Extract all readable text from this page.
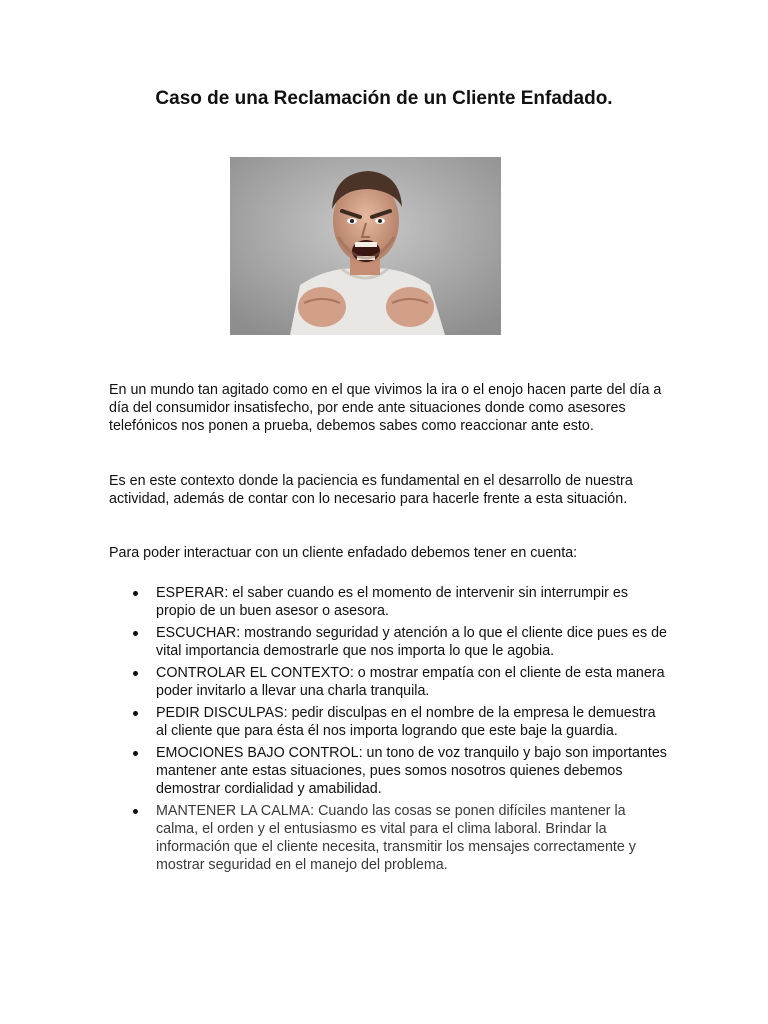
Caso de una Reclamación de un Cliente Enfadado.

En un mundo tan agitado como en el que vivimos la ira o el enojo hacen parte del día a día del consumidor insatisfecho, por ende ante situaciones donde como asesores telefónicos nos ponen a prueba, debemos sabes como reaccionar ante esto.

Es en este contexto donde la paciencia es fundamental en el desarrollo de nuestra actividad, además de contar con lo necesario para hacerle frente a esta situación.

Para poder interactuar con un cliente enfadado debemos tener en cuenta:

ESPERAR: el saber cuando es el momento de intervenir sin interrumpir es propio de un buen asesor o asesora.
ESCUCHAR: mostrando seguridad y atención a lo que el cliente dice pues es de vital importancia demostrarle que nos importa lo que le agobia.
CONTROLAR EL CONTEXTO: o mostrar empatía con el cliente de esta manera poder invitarlo a llevar una charla tranquila.
PEDIR DISCULPAS: pedir disculpas en el nombre de la empresa le demuestra al cliente que para ésta él nos importa logrando que este baje la guardia.
EMOCIONES BAJO CONTROL: un tono de voz tranquilo y bajo son importantes mantener ante estas situaciones, pues somos nosotros quienes debemos demostrar cordialidad y amabilidad.
MANTENER LA CALMA: Cuando las cosas se ponen difíciles mantener la calma, el orden y el entusiasmo es vital para el clima laboral. Brindar la información que el cliente necesita, transmitir los mensajes correctamente y mostrar seguridad en el manejo del problema.
